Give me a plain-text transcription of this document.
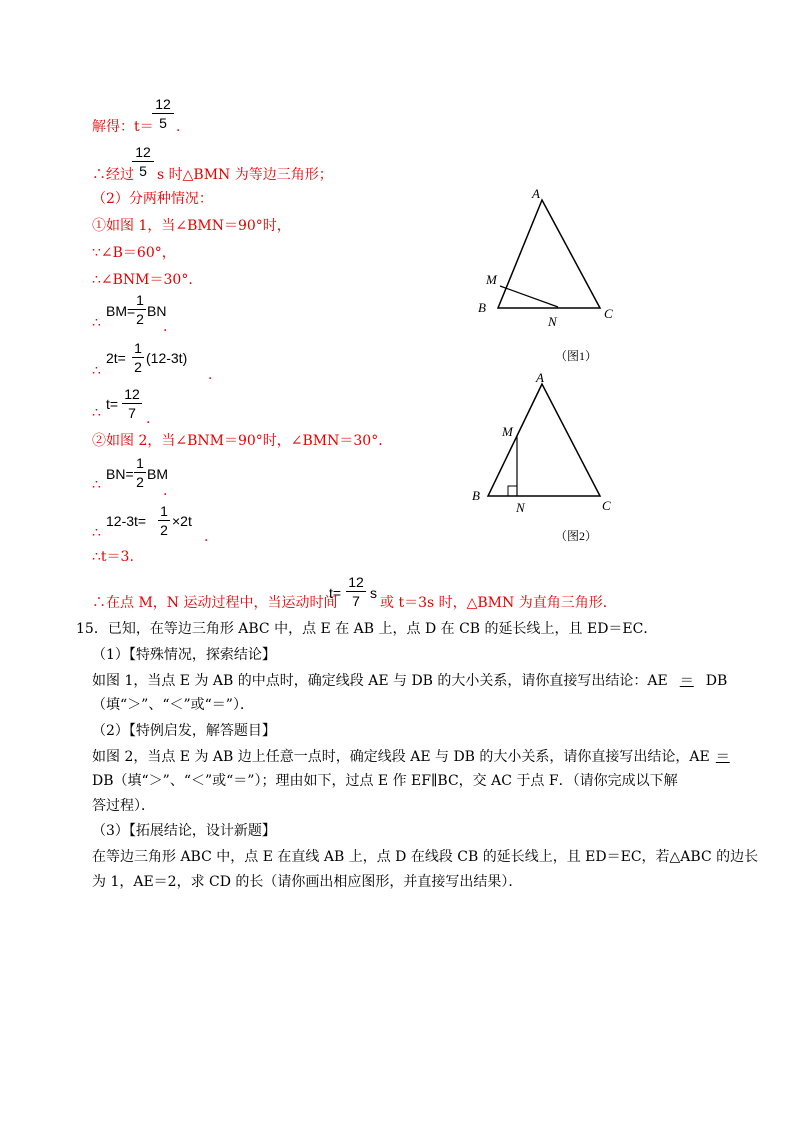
解得：t＝
12
5 .
∴经过
12
5 s 时△BMN 为等边三角形；
（2）分两种情况：
①如图 1，当∠BMN＝90°时，
∵∠B＝60°，
∴∠BNM＝30°．
∴
BM=
1
2 BN
.
∴
2t=
1
2
(12-3t)
.
∴
t=
12
7 .
②如图 2，当∠BNM＝90°时，∠BMN＝30°．
∴
BN=
1
2 BM
.
∴
12-3t=
1
2
×2t
.
∴t＝3．
∴在点 M，N 运动过程中，当运动时间
t=
12
7 s
或 t＝3s 时，△BMN 为直角三角形．
A
B	C
M
N
（图1）
A
B
C
M
N
（图2）
15．已知，在等边三角形 ABC 中，点 E 在 AB 上，点 D 在 CB 的延长线上，且 ED＝EC．
（1）【特殊情况，探索结论】
如图 1，当点 E 为 AB 的中点时，确定线段 AE 与 DB 的大小关系，请你直接写出结论：AE ＝ DB
（填“＞”、“＜”或“＝”）．
（2）【特例启发，解答题目】
如图 2，当点 E 为 AB 边上任意一点时，确定线段 AE 与 DB 的大小关系，请你直接写出结论，AE ＝
DB（填“＞”、“＜”或“＝”）；理由如下，过点 E 作 EF∥BC，交 AC 于点 F．（请你完成以下解
答过程）．
（3）【拓展结论，设计新题】
在等边三角形 ABC 中，点 E 在直线 AB 上，点 D 在线段 CB 的延长线上，且 ED＝EC，若△ABC 的边长
为 1，AE＝2，求 CD 的长（请你画出相应图形，并直接写出结果）．
